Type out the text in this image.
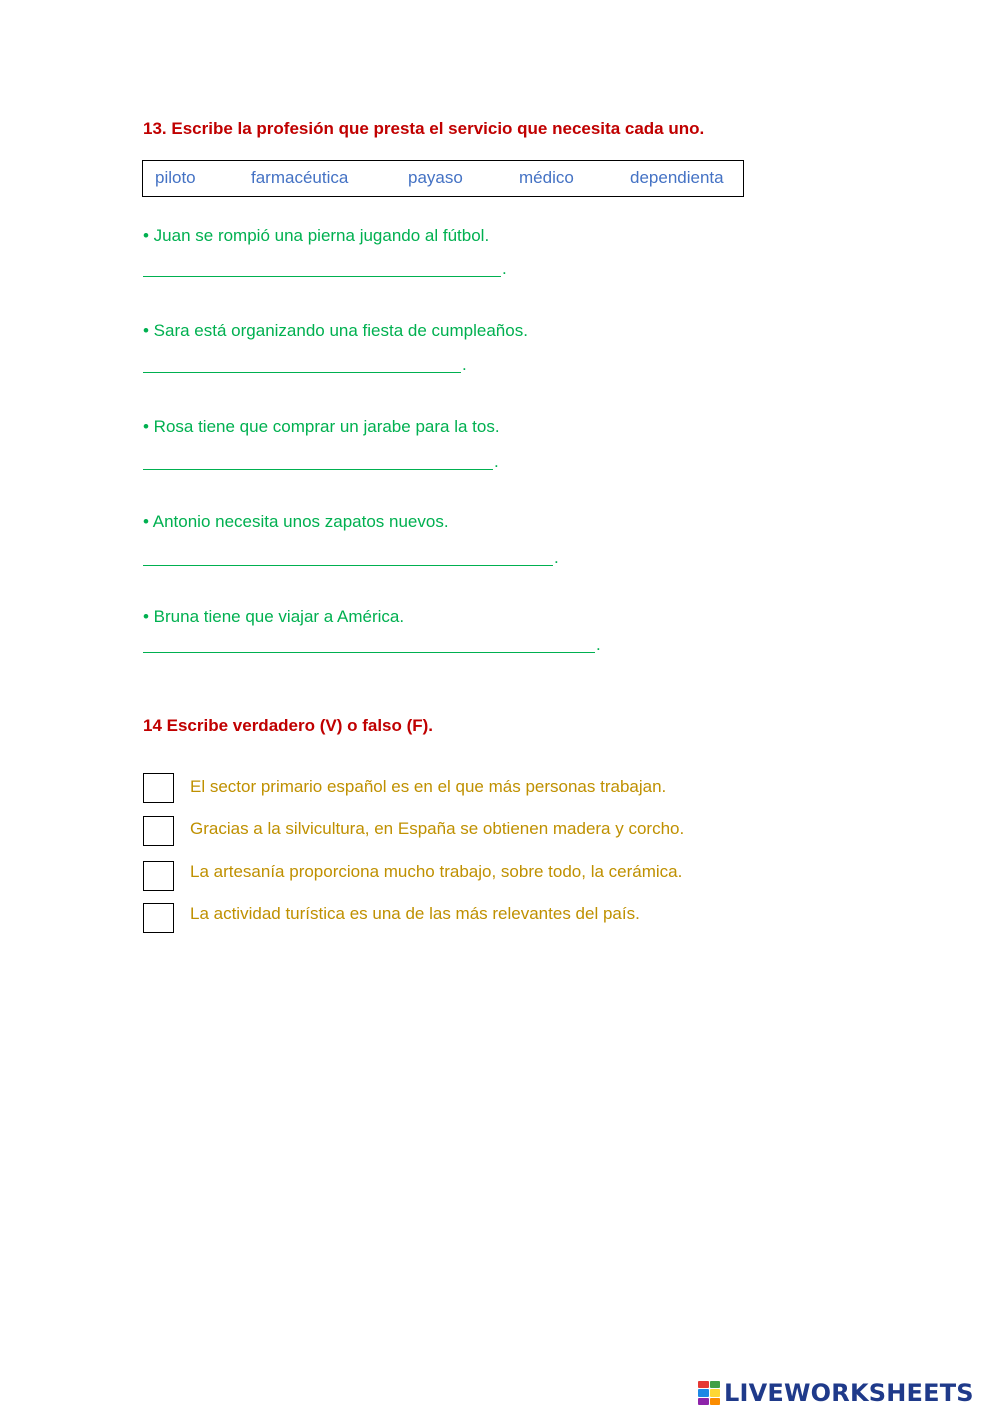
13. Escribe la profesión que presta el servicio que necesita cada uno.
piloto	farmacéutica	payaso	médico	dependienta
• Juan se rompió una pierna jugando al fútbol.
.
• Sara está organizando una fiesta de cumpleaños.
.
• Rosa tiene que comprar un jarabe para la tos.
.
• Antonio necesita unos zapatos nuevos.
.
• Bruna tiene que viajar a América.
.
14 Escribe verdadero (V) o falso (F).
El sector primario español es en el que más personas trabajan.
Gracias a la silvicultura, en España se obtienen madera y corcho.
La artesanía proporciona mucho trabajo, sobre todo, la cerámica.
La actividad turística es una de las más relevantes del país.
LIVEWORKSHEETS
